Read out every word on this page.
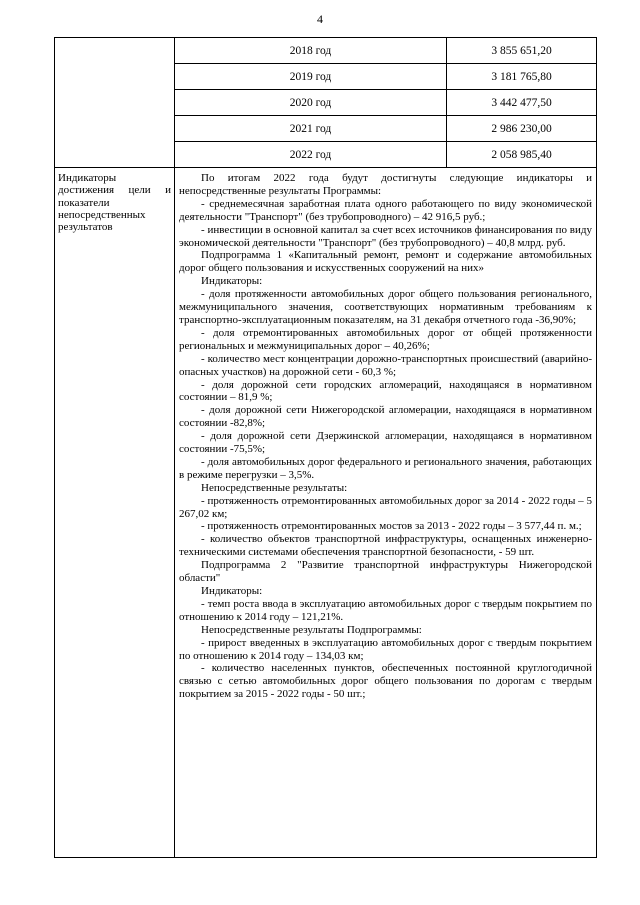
4
2018 год	3 855 651,20
2019 год	3 181 765,80
2020 год	3 442 477,50
2021 год	2 986 230,00
2022 год	2 058 985,40
Индикаторы достижения цели и показатели непосредственных результатов

По итогам 2022 года будут достигнуты следующие индикаторы и непосредственные результаты Программы:

- среднемесячная заработная плата одного работающего по виду экономической деятельности "Транспорт" (без трубопроводного) – 42 916,5 руб.;

- инвестиции в основной капитал за счет всех источников финансирования по виду экономической деятельности "Транспорт" (без трубопроводного) – 40,8 млрд. руб.

Подпрограмма 1 «Капитальный ремонт, ремонт и содержание автомобильных дорог общего пользования и искусственных сооружений на них»

Индикаторы:

- доля протяженности автомобильных дорог общего пользования регионального, межмуниципального значения, соответствующих нормативным требованиям к транспортно-эксплуатационным показателям, на 31 декабря отчетного года -36,90%;

- доля отремонтированных автомобильных дорог от общей протяженности региональных и межмуниципальных дорог – 40,26%;

- количество мест концентрации дорожно-транспортных происшествий (аварийно-опасных участков) на дорожной сети - 60,3 %;

- доля дорожной сети городских агломераций, находящаяся в нормативном состоянии – 81,9 %;

- доля дорожной сети Нижегородской агломерации, находящаяся в нормативном состоянии -82,8%;

- доля дорожной сети Дзержинской агломерации, находящаяся в нормативном состоянии -75,5%;

- доля автомобильных дорог федерального и регионального значения, работающих в режиме перегрузки – 3,5%.

Непосредственные результаты:

- протяженность отремонтированных автомобильных дорог за 2014 - 2022 годы – 5 267,02 км;

- протяженность отремонтированных мостов за 2013 - 2022 годы – 3 577,44 п. м.;

- количество объектов транспортной инфраструктуры, оснащенных инженерно-техническими системами обеспечения транспортной безопасности, - 59 шт.

Подпрограмма 2 "Развитие транспортной инфраструктуры Нижегородской области"

Индикаторы:

- темп роста ввода в эксплуатацию автомобильных дорог с твердым покрытием по отношению к 2014 году – 121,21%.

Непосредственные результаты Подпрограммы:

- прирост введенных в эксплуатацию автомобильных дорог с твердым покрытием по отношению к 2014 году – 134,03 км;

- количество населенных пунктов, обеспеченных постоянной круглогодичной связью с сетью автомобильных дорог общего пользования по дорогам с твердым покрытием за 2015 - 2022 годы - 50 шт.;
